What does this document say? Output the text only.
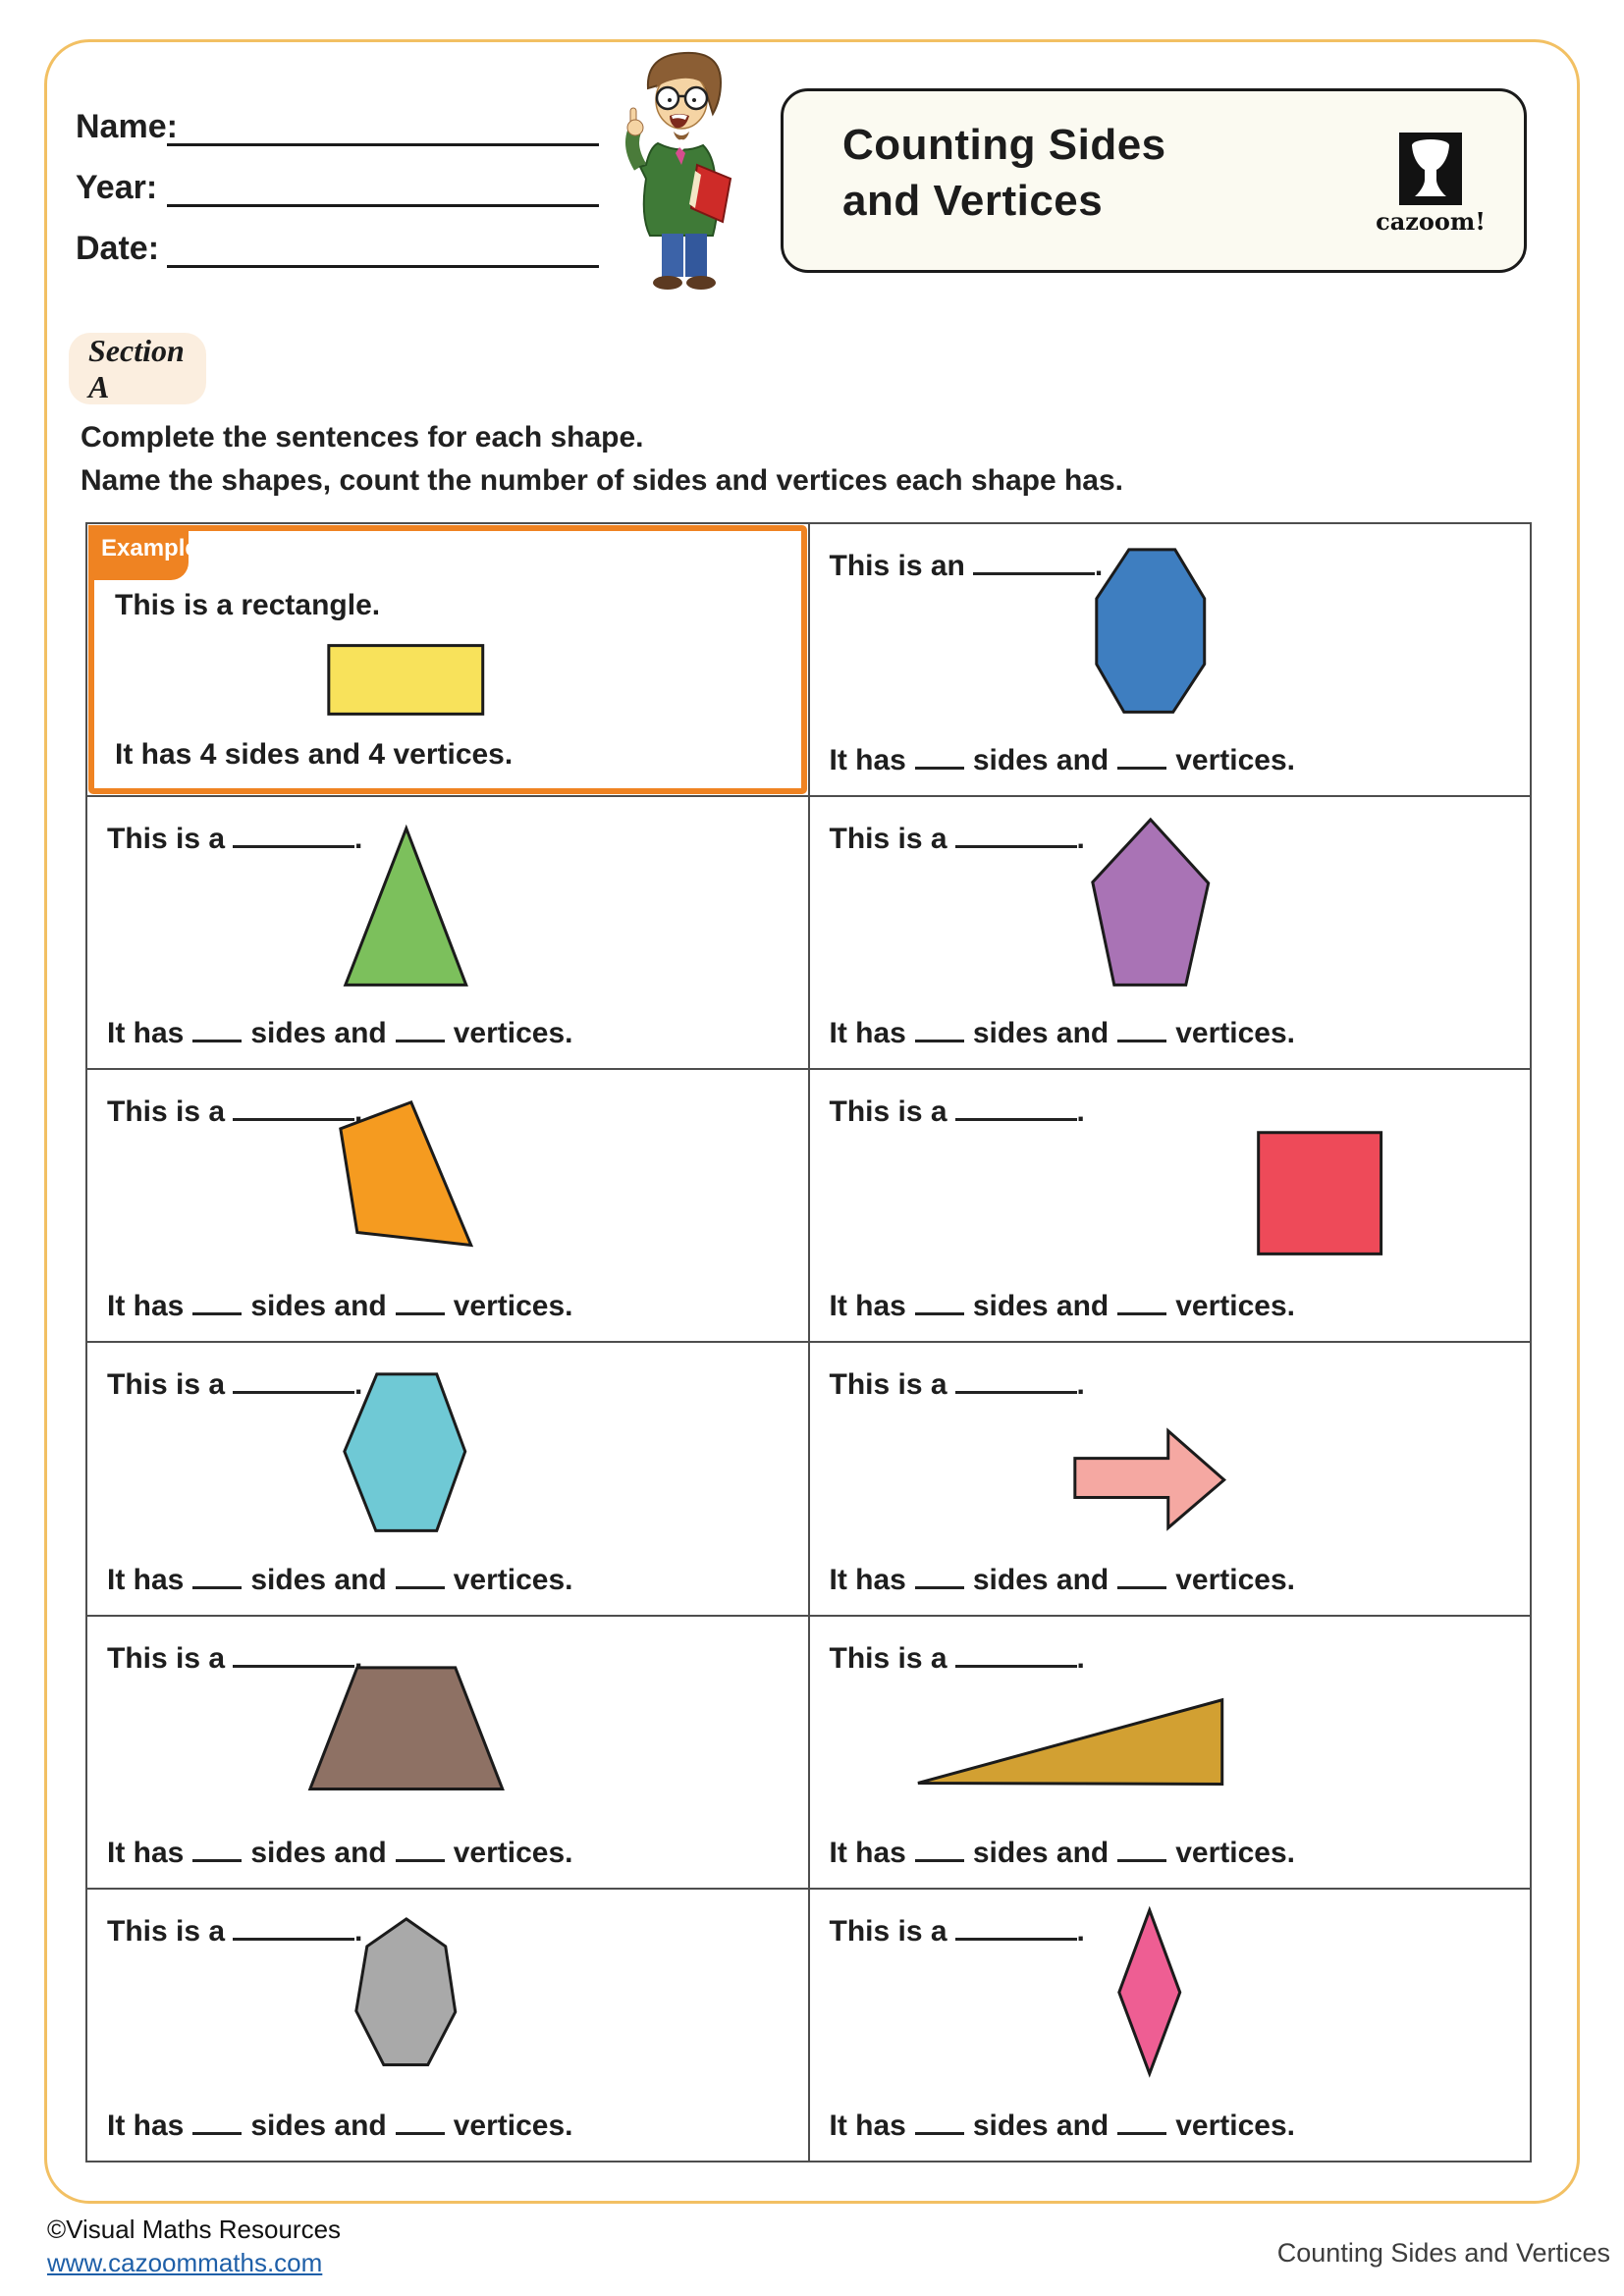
Name:
Year:
Date:
Counting Sides
and Vertices	cazoom!
Section A
Complete the sentences for each shape.
Name the shapes, count the number of sides and vertices each shape has.
Example:
This is a rectangle.
It has 4 sides and 4 vertices.
This is an	.
It has sides and vertices.
This is a	.
It has sides and vertices.
This is a	.
It has sides and vertices.
This is a	.
It has sides and vertices.
This is a	.
It has sides and vertices.
This is a	.
It has sides and vertices.
This is a	.
It has sides and vertices.
This is a	.
It has sides and vertices.
This is a	.
It has sides and vertices.
This is a	.
It has sides and vertices.
This is a	.
It has sides and vertices.
©Visual Maths Resources
www.cazoommaths.com	Counting Sides and Vertices
